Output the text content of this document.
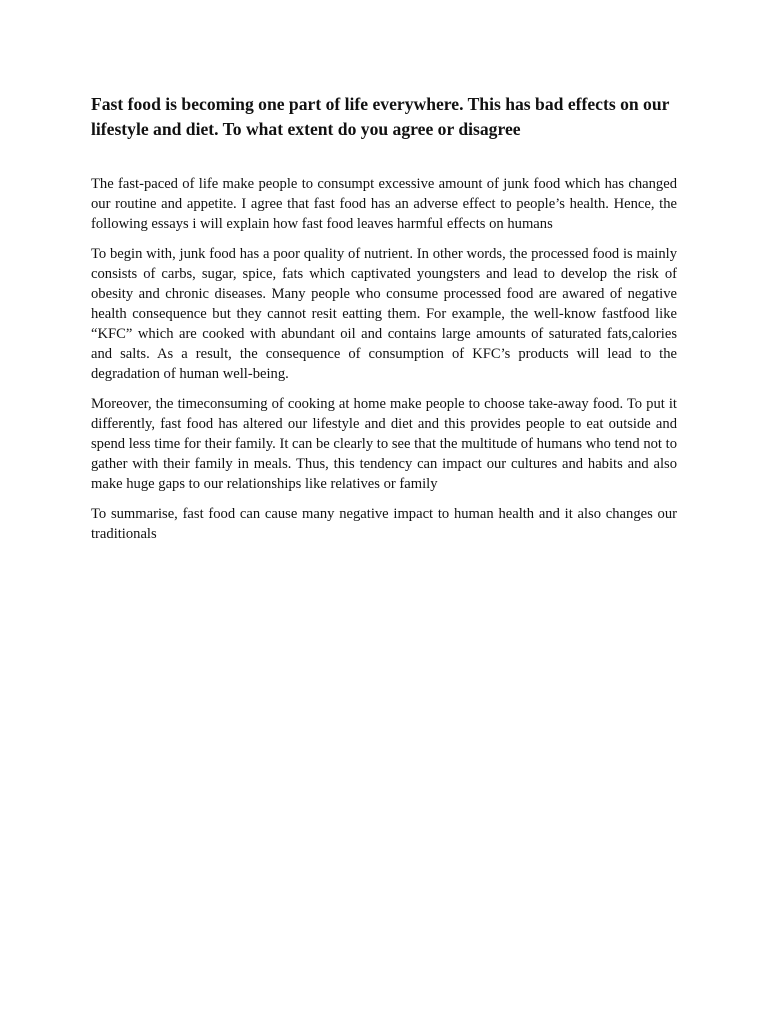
Fast food is becoming one part of life everywhere. This has bad effects on our lifestyle and diet. To what extent do you agree or disagree

The fast-paced of life make people to consumpt excessive amount of junk food which has changed our routine and appetite. I agree that fast food has an adverse effect to people’s health. Hence, the following essays i will explain how fast food leaves harmful effects on humans

To begin with, junk food has a poor quality of nutrient. In other words, the processed food is mainly consists of carbs, sugar, spice, fats which captivated youngsters and lead to develop the risk of obesity and chronic diseases. Many people who consume processed food are awared of negative health consequence but they cannot resit eatting them. For example, the well-know fastfood like “KFC” which are cooked with abundant oil and contains large amounts of saturated fats,calories and salts. As a result, the consequence of consumption of KFC’s products will lead to the degradation of human well-being.

Moreover, the timeconsuming of cooking at home make people to choose take-away food. To put it differently, fast food has altered our lifestyle and diet and this provides people to eat outside and spend less time for their family. It can be clearly to see that the multitude of humans who tend not to gather with their family in meals. Thus, this tendency can impact our cultures and habits and also make huge gaps to our relationships like relatives or family

To summarise, fast food can cause many negative impact to human health and it also changes our traditionals
